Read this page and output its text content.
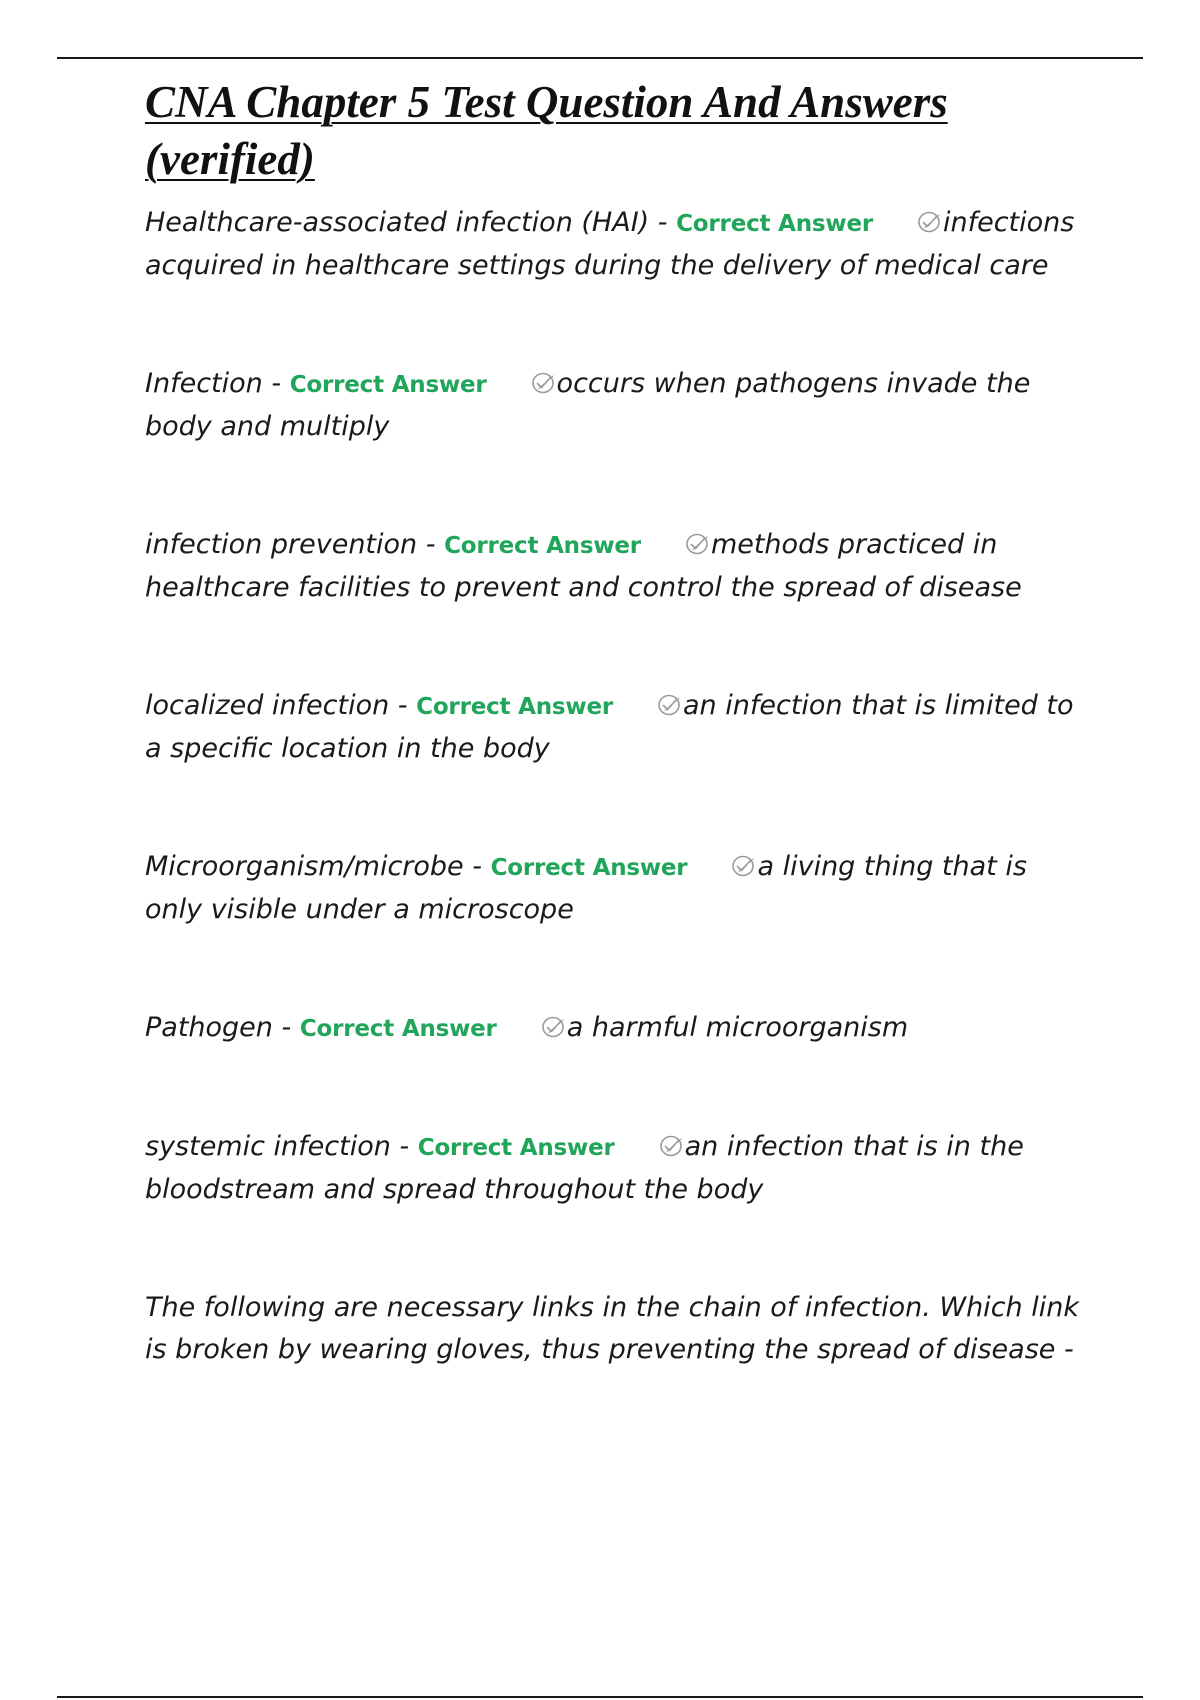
CNA Chapter 5 Test Question And Answers (verified)

Healthcare-associated infection (HAI) - Correct Answer	infections acquired in healthcare settings during the delivery of medical care

Infection - Correct Answer	occurs when pathogens invade the body and multiply

infection prevention - Correct Answer	methods practiced in healthcare facilities to prevent and control the spread of disease

localized infection - Correct Answer	an infection that is limited to a specific location in the body

Microorganism/microbe - Correct Answer	a living thing that is only visible under a microscope

Pathogen - Correct Answer	a harmful microorganism

systemic infection - Correct Answer	an infection that is in the bloodstream and spread throughout the body

The following are necessary links in the chain of infection. Which link is broken by wearing gloves, thus preventing the spread of disease -
